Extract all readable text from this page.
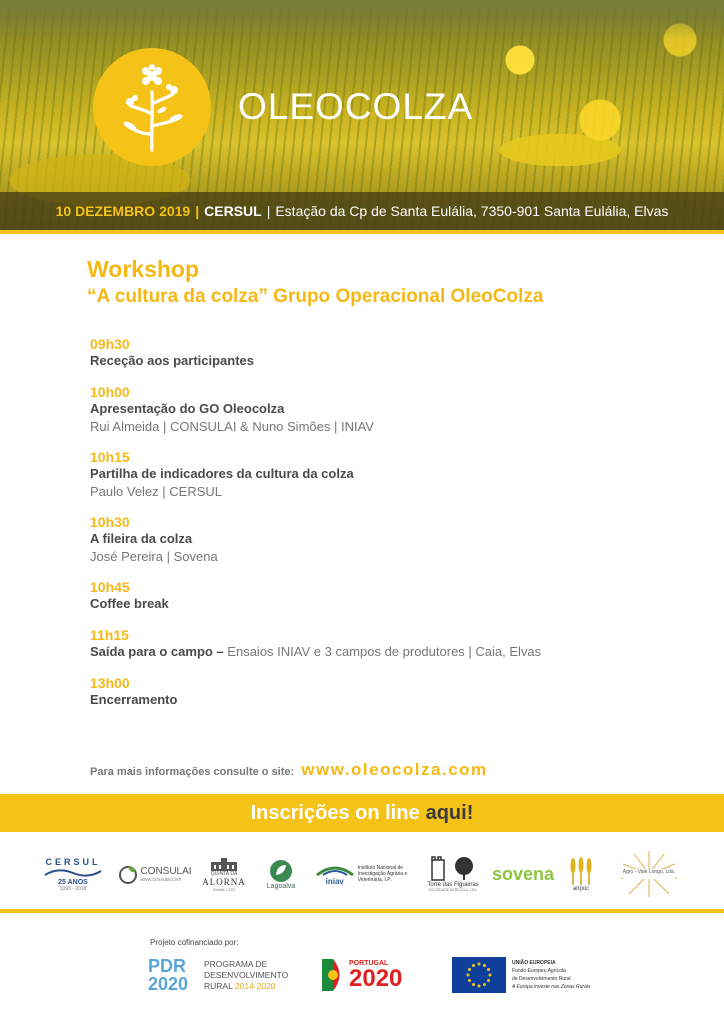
OLEOCOLZA
10 DEZEMBRO 2019 | CERSUL | Estação da Cp de Santa Eulália, 7350-901 Santa Eulália, Elvas
Workshop
“A cultura da colza” Grupo Operacional OleoColza
09h30
Receção aos participantes
10h00
Apresentação do GO Oleocolza
Rui Almeida | CONSULAI & Nuno Simões | INIAV
10h15
Partilha de indicadores da cultura da colza
Paulo Velez | CERSUL
10h30
A fileira da colza
José Pereira | Sovena
10h45
Coffee break
11h15
Saída para o campo – Ensaios INIAV e 3 campos de produtores | Caia, Elvas
13h00
Encerramento
Para mais informações consulte o site: www.oleocolza.com
Inscrições on line aqui!
CERSUL
25 ANOS
1993 - 2018
CONSULAI
www.consulai.com
QUINTA DA
ALORNA
Desde 1723	Lagoalva
iniav
Instituto Nacional de
Investigação Agrária e
Veterinária, I.P.
Torre das Figueiras
SOCIEDADE AGRÍCOLA, LDA.
sovena
anpoc
Agro - Vale Longo, Lda.
Projeto cofinanciado por:
PDR 2020
PROGRAMA DE
DESENVOLVIMENTO
RURAL 2014-2020
PORTUGAL
2020
UNIÃO EUROPEIA
Fundo Europeu Agrícola
de Desenvolvimento Rural
A Europa investe nas Zonas Rurais
